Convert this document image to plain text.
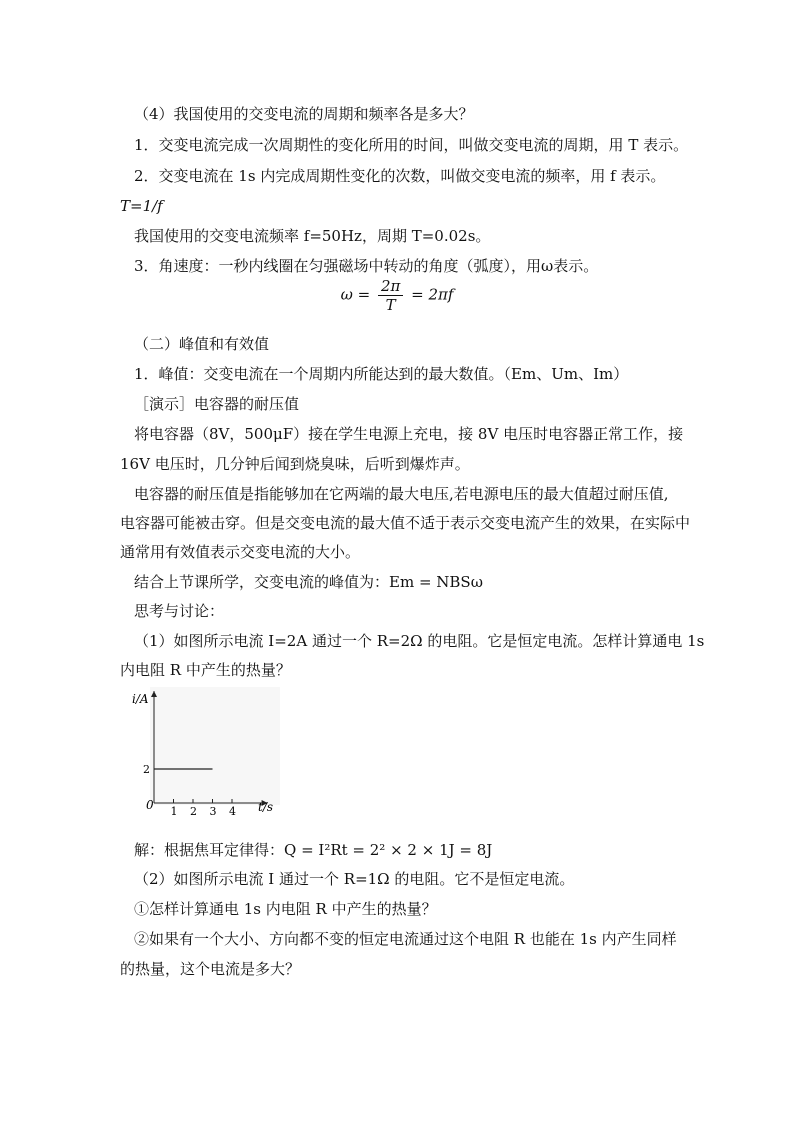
（4）我国使用的交变电流的周期和频率各是多大？
1．交变电流完成一次周期性的变化所用的时间，叫做交变电流的周期，用 T 表示。
2．交变电流在 1s 内完成周期性变化的次数，叫做交变电流的频率，用 f 表示。
T=1/f
我国使用的交变电流频率 f=50Hz，周期 T=0.02s。
3．角速度：一秒内线圈在匀强磁场中转动的角度（弧度），用ω表示。
$\omega = \frac{2\pi}{T} = 2\pi f$
（二）峰值和有效值
1．峰值：交变电流在一个周期内所能达到的最大数值。（Em、Um、Im）
［演示］电容器的耐压值
将电容器（8V，500μF）接在学生电源上充电，接 8V 电压时电容器正常工作，接
16V 电压时，几分钟后闻到烧臭味，后听到爆炸声。
电容器的耐压值是指能够加在它两端的最大电压,若电源电压的最大值超过耐压值,
电容器可能被击穿。但是交变电流的最大值不适于表示交变电流产生的效果，在实际中
通常用有效值表示交变电流的大小。
结合上节课所学，交变电流的峰值为：Em = NBSω
思考与讨论：
（1）如图所示电流 I=2A 通过一个 R=2Ω 的电阻。它是恒定电流。怎样计算通电 1s
内电阻 R 中产生的热量？
1 2 3 4
2
i/A
t/s
0
解：根据焦耳定律得：Q = I²Rt = 2² × 2 × 1J = 8J
（2）如图所示电流 I 通过一个 R=1Ω 的电阻。它不是恒定电流。
①怎样计算通电 1s 内电阻 R 中产生的热量？
②如果有一个大小、方向都不变的恒定电流通过这个电阻 R 也能在 1s 内产生同样
的热量，这个电流是多大？
